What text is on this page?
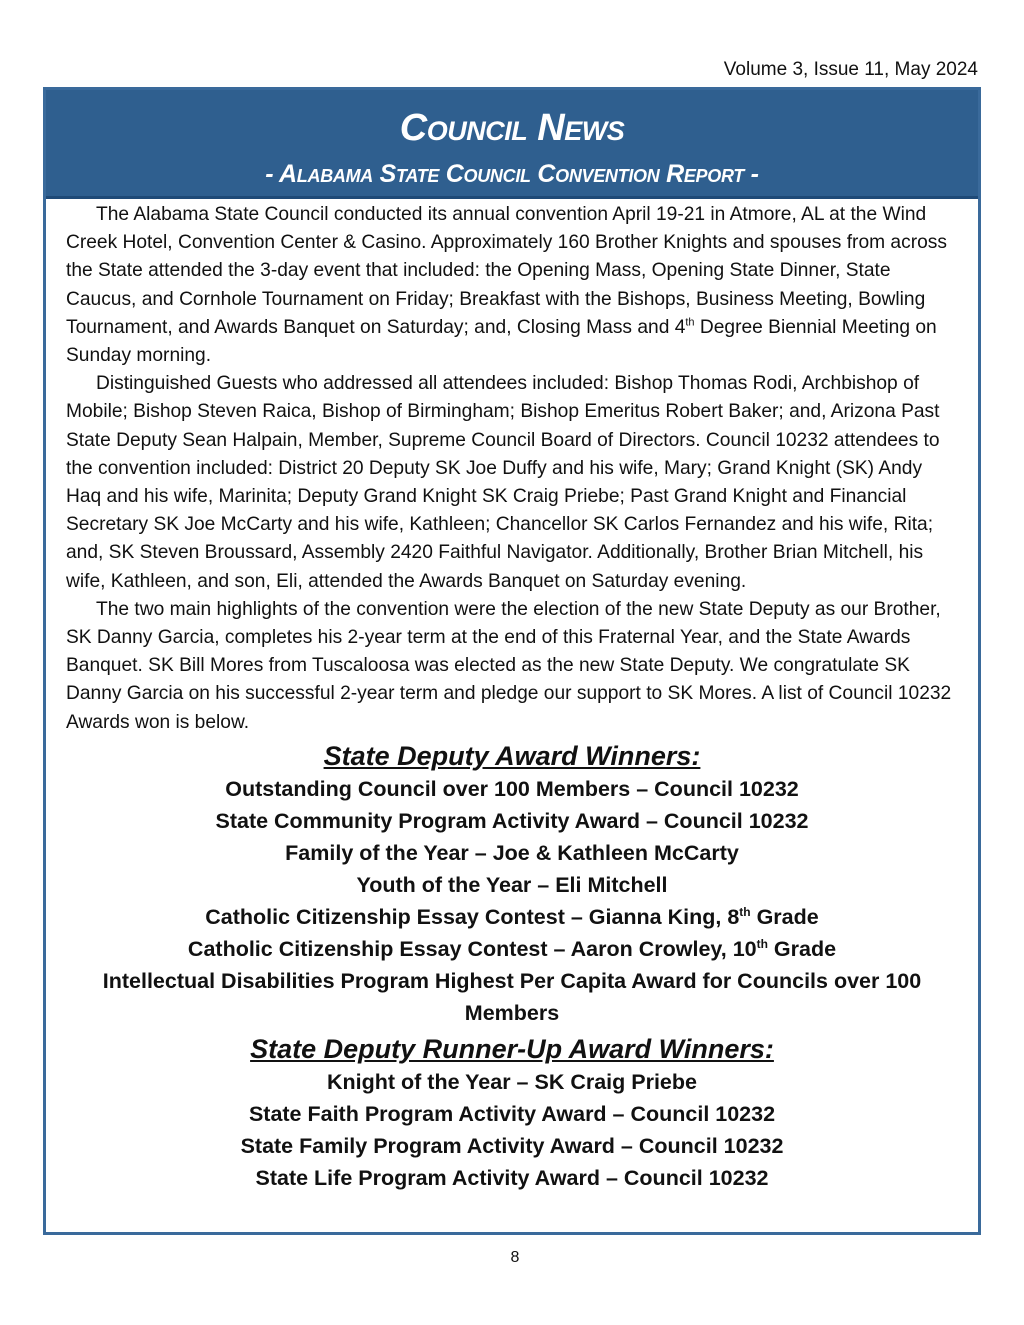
Volume 3, Issue 11, May 2024
Council News
- Alabama State Council Convention Report -

The Alabama State Council conducted its annual convention April 19-21 in Atmore, AL at the Wind Creek Hotel, Convention Center & Casino. Approximately 160 Brother Knights and spouses from across the State attended the 3-day event that included: the Opening Mass, Opening State Dinner, State Caucus, and Cornhole Tournament on Friday; Breakfast with the Bishops, Business Meeting, Bowling Tournament, and Awards Banquet on Saturday; and, Closing Mass and 4th Degree Biennial Meeting on Sunday morning.

Distinguished Guests who addressed all attendees included: Bishop Thomas Rodi, Archbishop of Mobile; Bishop Steven Raica, Bishop of Birmingham; Bishop Emeritus Robert Baker; and, Arizona Past State Deputy Sean Halpain, Member, Supreme Council Board of Directors. Council 10232 attendees to the convention included: District 20 Deputy SK Joe Duffy and his wife, Mary; Grand Knight (SK) Andy Haq and his wife, Marinita; Deputy Grand Knight SK Craig Priebe; Past Grand Knight and Financial Secretary SK Joe McCarty and his wife, Kathleen; Chancellor SK Carlos Fernandez and his wife, Rita; and, SK Steven Broussard, Assembly 2420 Faithful Navigator. Additionally, Brother Brian Mitchell, his wife, Kathleen, and son, Eli, attended the Awards Banquet on Saturday evening.

The two main highlights of the convention were the election of the new State Deputy as our Brother, SK Danny Garcia, completes his 2-year term at the end of this Fraternal Year, and the State Awards Banquet. SK Bill Mores from Tuscaloosa was elected as the new State Deputy. We congratulate SK Danny Garcia on his successful 2-year term and pledge our support to SK Mores. A list of Council 10232 Awards won is below.

State Deputy Award Winners:
Outstanding Council over 100 Members – Council 10232
State Community Program Activity Award – Council 10232
Family of the Year – Joe & Kathleen McCarty
Youth of the Year – Eli Mitchell
Catholic Citizenship Essay Contest – Gianna King, 8th Grade
Catholic Citizenship Essay Contest – Aaron Crowley, 10th Grade
Intellectual Disabilities Program Highest Per Capita Award for Councils over 100 Members
State Deputy Runner-Up Award Winners:
Knight of the Year – SK Craig Priebe
State Faith Program Activity Award – Council 10232
State Family Program Activity Award – Council 10232
State Life Program Activity Award – Council 10232
8
